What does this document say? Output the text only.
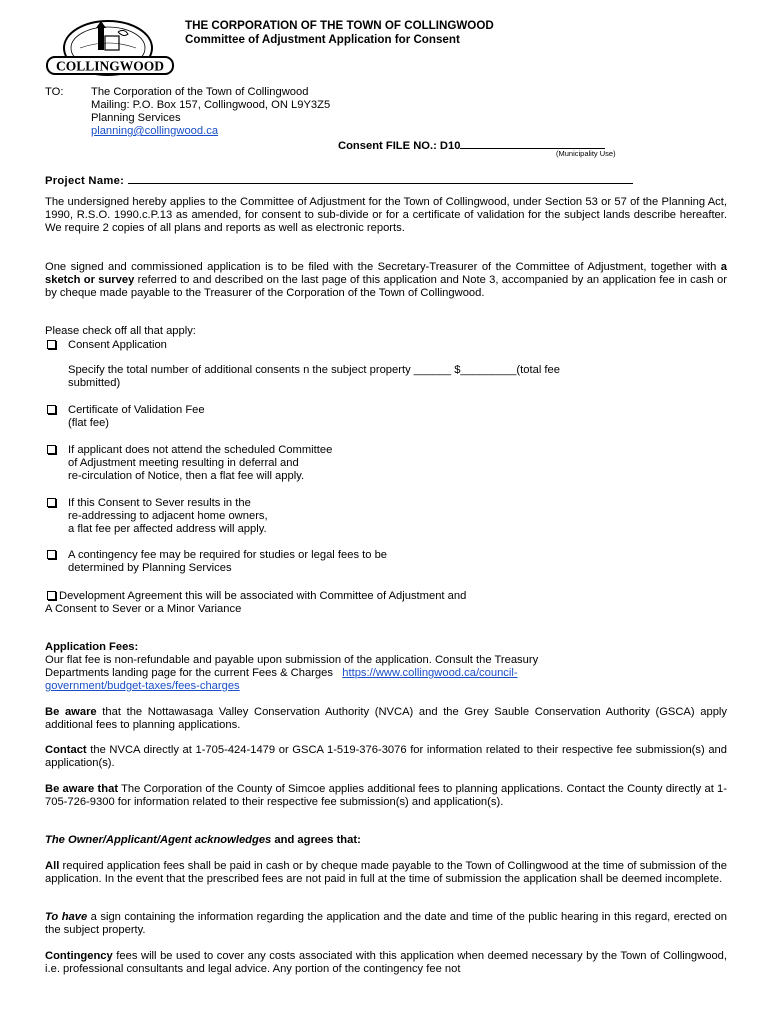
COLLINGWOOD
THE CORPORATION OF THE TOWN OF COLLINGWOOD
Committee of Adjustment Application for Consent
TO: The Corporation of the Town of Collingwood
Mailing: P.O. Box 157, Collingwood, ON L9Y3Z5
Planning Services
planning@collingwood.ca
Consent FILE NO.: D10
(Municipality Use)
Project Name:
The undersigned hereby applies to the Committee of Adjustment for the Town of Collingwood, under Section 53 or 57 of the Planning Act, 1990, R.S.O. 1990.c.P.13 as amended, for consent to sub-divide or for a certificate of validation for the subject lands describe hereafter. We require 2 copies of all plans and reports as well as electronic reports.
One signed and commissioned application is to be filed with the Secretary-Treasurer of the Committee of Adjustment, together with a sketch or survey referred to and described on the last page of this application and Note 3, accompanied by an application fee in cash or by cheque made payable to the Treasurer of the Corporation of the Town of Collingwood.
Please check off all that apply:
Consent Application
Specify the total number of additional consents n the subject property ______ $_________(total fee
submitted)
Certificate of Validation Fee
(flat fee)
If applicant does not attend the scheduled Committee
of Adjustment meeting resulting in deferral and
re-circulation of Notice, then a flat fee will apply.
If this Consent to Sever results in the
re-addressing to adjacent home owners,
a flat fee per affected address will apply.
A contingency fee may be required for studies or legal fees to be
determined by Planning Services
Development Agreement this will be associated with Committee of Adjustment and
A Consent to Sever or a Minor Variance
Application Fees:
Our flat fee is non-refundable and payable upon submission of the application. Consult the Treasury
Departments landing page for the current Fees & Charges   https://www.collingwood.ca/council-
government/budget-taxes/fees-charges
Be aware that the Nottawasaga Valley Conservation Authority (NVCA) and the Grey Sauble Conservation Authority (GSCA) apply additional fees to planning applications.
Contact the NVCA directly at 1-705-424-1479 or GSCA 1-519-376-3076 for information related to their respective fee submission(s) and application(s).
Be aware that The Corporation of the County of Simcoe applies additional fees to planning applications. Contact the County directly at 1-705-726-9300 for information related to their respective fee submission(s) and application(s).
The Owner/Applicant/Agent acknowledges and agrees that:
All required application fees shall be paid in cash or by cheque made payable to the Town of Collingwood at the time of submission of the application. In the event that the prescribed fees are not paid in full at the time of submission the application shall be deemed incomplete.
To have a sign containing the information regarding the application and the date and time of the public hearing in this regard, erected on the subject property.
Contingency fees will be used to cover any costs associated with this application when deemed necessary by the Town of Collingwood, i.e. professional consultants and legal advice. Any portion of the contingency fee not
